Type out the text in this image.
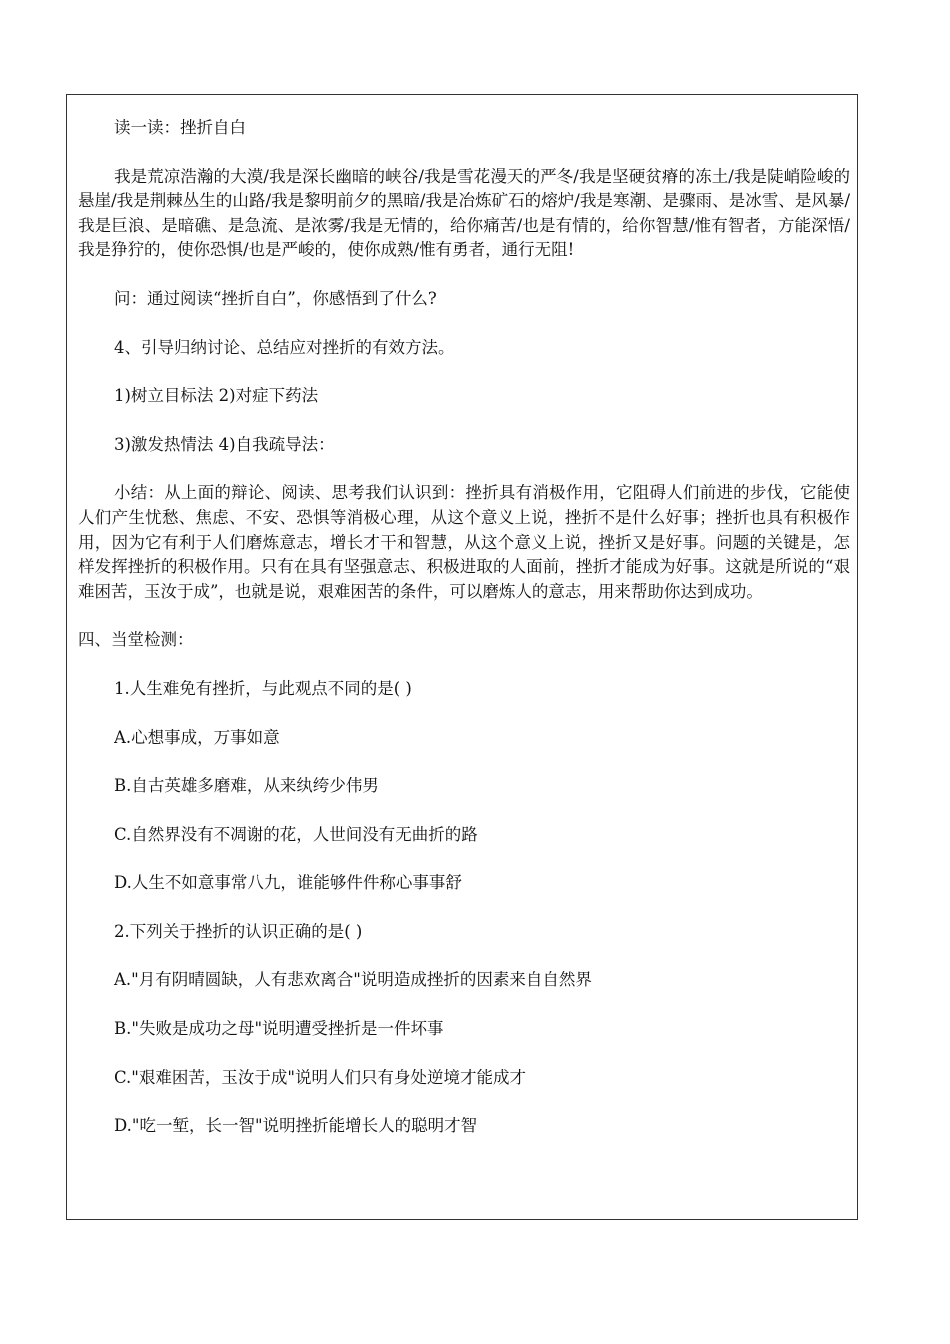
读一读：挫折自白

我是荒凉浩瀚的大漠/我是深长幽暗的峡谷/我是雪花漫天的严冬/我是坚硬贫瘠的冻土/我是陡峭险峻的悬崖/我是荆棘丛生的山路/我是黎明前夕的黑暗/我是冶炼矿石的熔炉/我是寒潮、是骤雨、是冰雪、是风暴/我是巨浪、是暗礁、是急流、是浓雾/我是无情的，给你痛苦/也是有情的，给你智慧/惟有智者，方能深悟/我是狰狞的，使你恐惧/也是严峻的，使你成熟/惟有勇者，通行无阻!

问：通过阅读“挫折自白”，你感悟到了什么?

4、引导归纳讨论、总结应对挫折的有效方法。

1)树立目标法 2)对症下药法

3)激发热情法 4)自我疏导法：

小结：从上面的辩论、阅读、思考我们认识到：挫折具有消极作用，它阻碍人们前进的步伐，它能使人们产生忧愁、焦虑、不安、恐惧等消极心理，从这个意义上说，挫折不是什么好事；挫折也具有积极作用，因为它有利于人们磨炼意志，增长才干和智慧，从这个意义上说，挫折又是好事。问题的关键是，怎样发挥挫折的积极作用。只有在具有坚强意志、积极进取的人面前，挫折才能成为好事。这就是所说的“艰难困苦，玉汝于成”，也就是说，艰难困苦的条件，可以磨炼人的意志，用来帮助你达到成功。

四、当堂检测：

1.人生难免有挫折，与此观点不同的是( )

A.心想事成，万事如意

B.自古英雄多磨难，从来纨绔少伟男

C.自然界没有不凋谢的花，人世间没有无曲折的路

D.人生不如意事常八九，谁能够件件称心事事舒

2.下列关于挫折的认识正确的是( )

A."月有阴晴圆缺，人有悲欢离合"说明造成挫折的因素来自自然界

B."失败是成功之母"说明遭受挫折是一件坏事

C."艰难困苦，玉汝于成"说明人们只有身处逆境才能成才

D."吃一堑，长一智"说明挫折能增长人的聪明才智
